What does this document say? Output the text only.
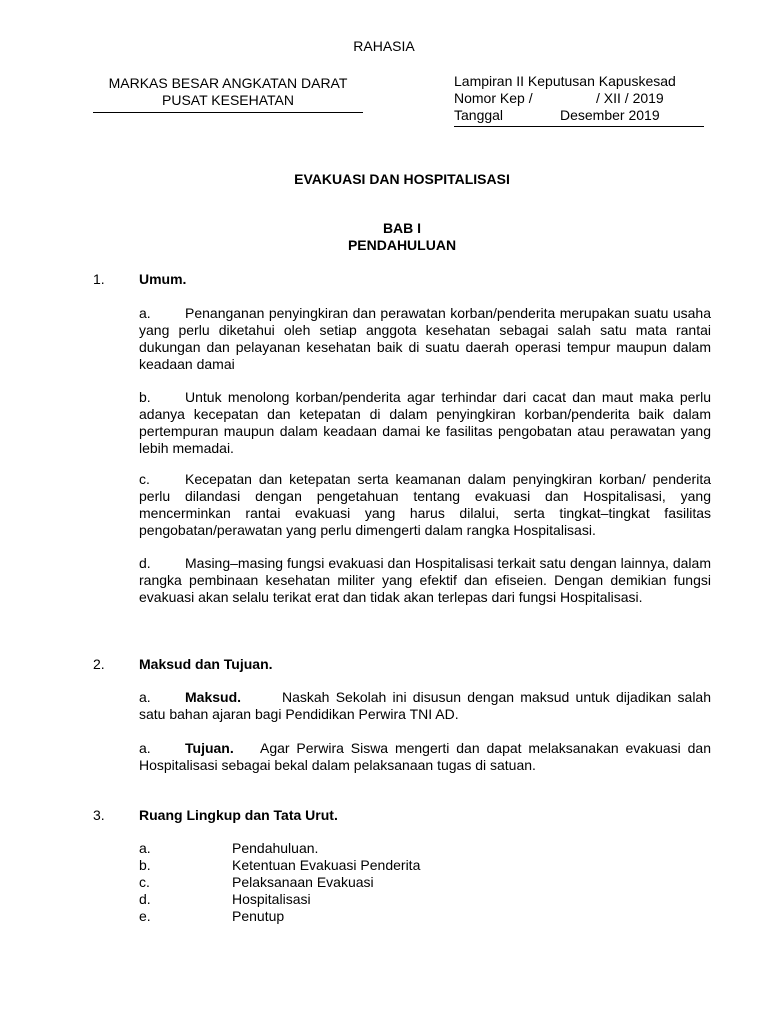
RAHASIA
MARKAS BESAR ANGKATAN DARAT
PUSAT KESEHATAN
Lampiran II Keputusan Kapuskesad
Nomor Kep /	/ XII / 2019
Tanggal	Desember 2019
EVAKUASI DAN HOSPITALISASI
BAB I
PENDAHULUAN
1. Umum.
a. Penanganan penyingkiran dan perawatan korban/penderita merupakan suatu usaha yang perlu diketahui oleh setiap anggota kesehatan sebagai salah satu mata rantai dukungan dan pelayanan kesehatan baik di suatu daerah operasi tempur maupun dalam keadaan damai
b. Untuk menolong korban/penderita agar terhindar dari cacat dan maut maka perlu adanya kecepatan dan ketepatan di dalam penyingkiran korban/penderita baik dalam pertempuran maupun dalam keadaan damai ke fasilitas pengobatan atau perawatan yang lebih memadai.
c.	Kecepatan dan ketepatan serta keamanan dalam penyingkiran korban/ penderita perlu dilandasi dengan pengetahuan tentang evakuasi dan Hospitalisasi, yang mencerminkan rantai evakuasi yang harus dilalui, serta tingkat–tingkat fasilitas pengobatan/perawatan yang perlu dimengerti dalam rangka Hospitalisasi.
d. Masing–masing fungsi evakuasi dan Hospitalisasi terkait satu dengan lainnya, dalam rangka pembinaan kesehatan militer yang efektif dan efiseien. Dengan demikian fungsi evakuasi akan selalu terikat erat dan tidak akan terlepas dari fungsi Hospitalisasi.
2. Maksud dan Tujuan.
a. Maksud.	Naskah Sekolah ini disusun dengan maksud untuk dijadikan salah satu bahan ajaran bagi Pendidikan Perwira TNI AD.
a. Tujuan. Agar Perwira Siswa mengerti dan dapat melaksanakan evakuasi dan Hospitalisasi sebagai bekal dalam pelaksanaan tugas di satuan.
3. Ruang Lingkup dan Tata Urut.
a.	Pendahuluan.
b.	Ketentuan Evakuasi Penderita
c.	Pelaksanaan Evakuasi
d.	Hospitalisasi
e.	Penutup
